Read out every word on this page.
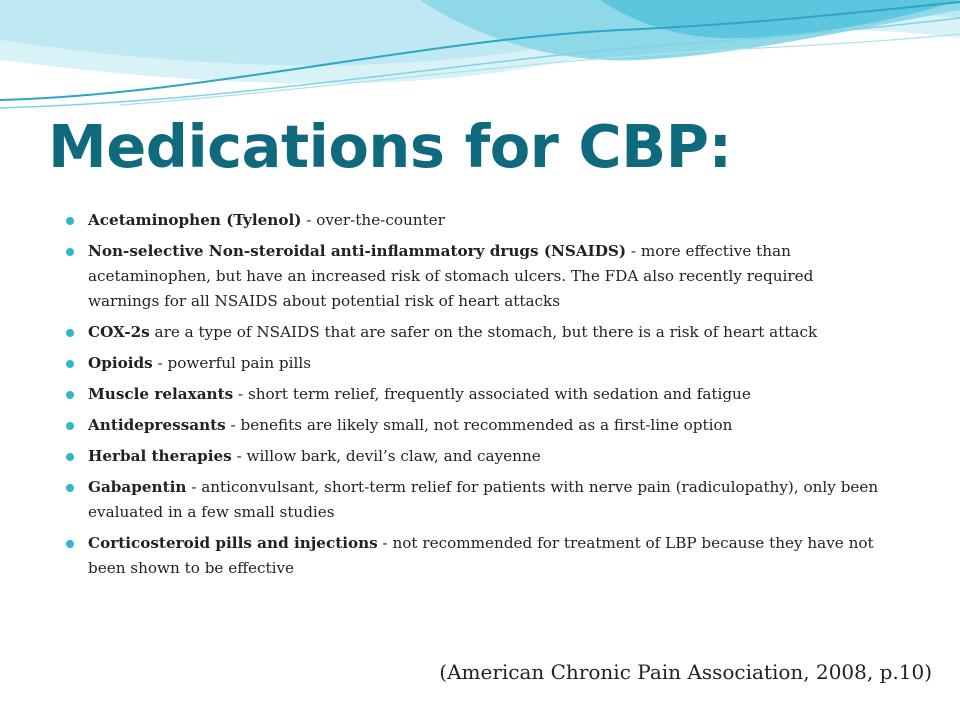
Medications for CBP:
Acetaminophen (Tylenol) - over-the-counter
Non-selective Non-steroidal anti-inflammatory drugs (NSAIDS) - more effective than acetaminophen, but have an increased risk of stomach ulcers. The FDA also recently required warnings for all NSAIDS about potential risk of heart attacks
COX-2s are a type of NSAIDS that are safer on the stomach, but there is a risk of heart attack
Opioids - powerful pain pills
Muscle relaxants - short term relief, frequently associated with sedation and fatigue
Antidepressants - benefits are likely small, not recommended as a first-line option
Herbal therapies - willow bark, devil’s claw, and cayenne
Gabapentin - anticonvulsant, short-term relief for patients with nerve pain (radiculopathy), only been evaluated in a few small studies
Corticosteroid pills and injections - not recommended for treatment of LBP because they have not been shown to be effective
(American Chronic Pain Association, 2008, p.10)
